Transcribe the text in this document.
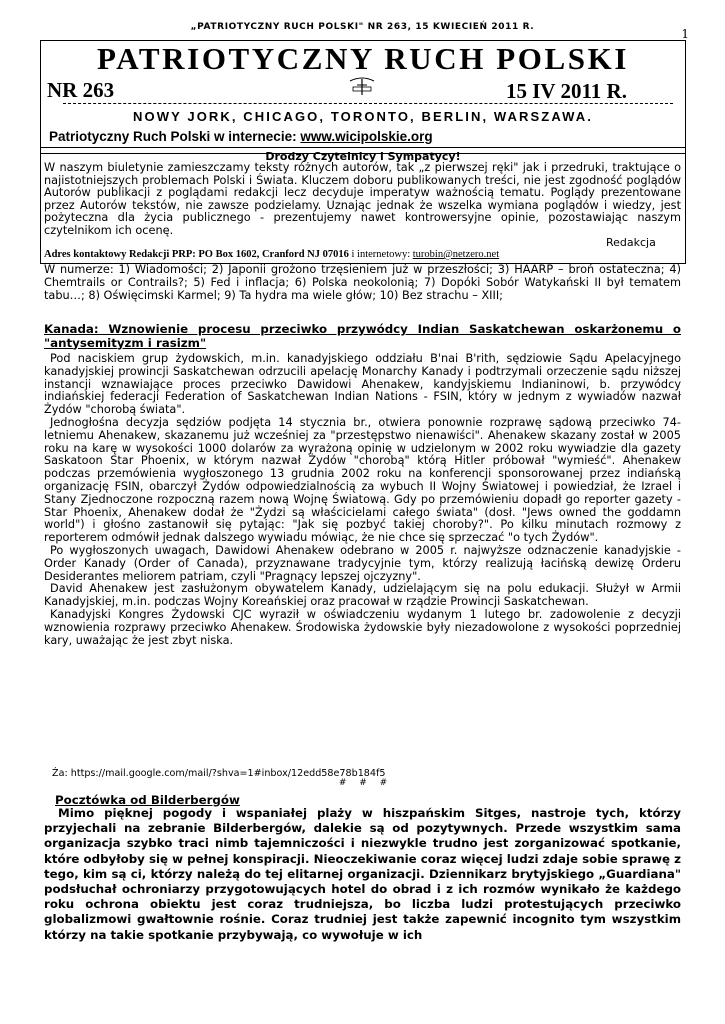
„PATRIOTYCZNY RUCH POLSKI" NR 263, 15 KWIECIEŃ 2011 R.	1
PATRIOTYCZNY RUCH POLSKI
NR 263	15 IV 2011 R.
NOWY JORK, CHICAGO, TORONTO, BERLIN, WARSZAWA.
Patriotyczny Ruch Polski w internecie: www.wicipolskie.org
Drodzy Czytelnicy i Sympatycy!
W naszym biuletynie zamieszczamy teksty różnych autorów, tak „z pierwszej ręki" jak i przedruki, traktujące o najistotniejszych problemach Polski i Świata. Kluczem doboru publikowanych treści, nie jest zgodność poglądów Autorów publikacji z poglądami redakcji lecz decyduje imperatyw ważnością tematu. Poglądy prezentowane przez Autorów tekstów, nie zawsze podzielamy. Uznając jednak że wszelka wymiana poglądów i wiedzy, jest pożyteczna dla życia publicznego - prezentujemy nawet kontrowersyjne opinie, pozostawiając naszym czytelnikom ich ocenę.
Redakcja
Adres kontaktowy Redakcji PRP: PO Box 1602, Cranford NJ 07016 i internetowy: turobin@netzero.net
W numerze: 1) Wiadomości; 2) Japonii grożono trzęsieniem już w przeszłości; 3) HAARP – broń ostateczna; 4) Chemtrails or Contrails?; 5) Fed i inflacja; 6) Polska neokolonią; 7) Dopóki Sobór Watykański II był tematem tabu…; 8) Oświęcimski Karmel; 9) Ta hydra ma wiele głów; 10) Bez strachu – XIII;
Kanada: Wznowienie procesu przeciwko przywódcy Indian Saskatchewan oskarżonemu o "antysemityzm i rasizm"

Pod naciskiem grup żydowskich, m.in. kanadyjskiego oddziału B'nai B'rith, sędziowie Sądu Apelacyjnego kanadyjskiej prowincji Saskatchewan odrzucili apelację Monarchy Kanady i podtrzymali orzeczenie sądu niższej instancji wznawiające proces przeciwko Dawidowi Ahenakew, kandyjskiemu Indianinowi, b. przywódcy indiańskiej federacji Federation of Saskatchewan Indian Nations - FSIN, który w jednym z wywiadów nazwał Żydów "chorobą świata".

Jednogłośna decyzja sędziów podjęta 14 stycznia br., otwiera ponownie rozprawę sądową przeciwko 74-letniemu Ahenakew, skazanemu już wcześniej za "przestępstwo nienawiści". Ahenakew skazany został w 2005 roku na karę w wysokości 1000 dolarów za wyrażoną opinię w udzielonym w 2002 roku wywiadzie dla gazety Saskatoon Star Phoenix, w którym nazwał Żydów "chorobą" którą Hitler próbował "wymieść". Ahenakew podczas przemówienia wygłoszonego 13 grudnia 2002 roku na konferencji sponsorowanej przez indiańską organizację FSIN, obarczył Żydów odpowiedzialnością za wybuch II Wojny Światowej i powiedział, że Izrael i Stany Zjednoczone rozpoczną razem nową Wojnę Światową. Gdy po przemówieniu dopadł go reporter gazety - Star Phoenix, Ahenakew dodał że "Żydzi są właścicielami całego świata" (dosł. "Jews owned the goddamn world") i głośno zastanowił się pytając: "Jak się pozbyć takiej choroby?". Po kilku minutach rozmowy z reporterem odmówił jednak dalszego wywiadu mówiąc, że nie chce się sprzeczać "o tych Żydów".

Po wygłoszonych uwagach, Dawidowi Ahenakew odebrano w 2005 r. najwyższe odznaczenie kanadyjskie - Order Kanady (Order of Canada), przyznawane tradycyjnie tym, którzy realizują łacińską dewizę Orderu Desiderantes meliorem patriam, czyli "Pragnący lepszej ojczyzny".

David Ahenakew jest zasłużonym obywatelem Kanady, udzielającym się na polu edukacji. Służył w Armii Kanadyjskiej, m.in. podczas Wojny Koreańskiej oraz pracował w rządzie Prowincji Saskatchewan.

Kanadyjski Kongres Żydowski CJC wyraził w oświadczeniu wydanym 1 lutego br. zadowolenie z decyzji wznowienia rozprawy przeciwko Ahenakew. Środowiska żydowskie były niezadowolone z wysokości poprzedniej kary, uważając że jest zbyt niska.

Źa: https://mail.google.com/mail/?shva=1#inbox/12edd58e78b184f5
# # #
Pocztówka od Bilderbergów

Mimo pięknej pogody i wspaniałej plaży w hiszpańskim Sitges, nastroje tych, którzy przyjechali na zebranie Bilderbergów, dalekie są od pozytywnych. Przede wszystkim sama organizacja szybko traci nimb tajemniczości i niezwykle trudno jest zorganizować spotkanie, które odbyłoby się w pełnej konspiracji. Nieoczekiwanie coraz więcej ludzi zdaje sobie sprawę z tego, kim są ci, którzy należą do tej elitarnej organizacji. Dziennikarz brytyjskiego „Guardiana" podsłuchał ochroniarzy przygotowujących hotel do obrad i z ich rozmów wynikało że każdego roku ochrona obiektu jest coraz trudniejsza, bo liczba ludzi protestujących przeciwko globalizmowi gwałtownie rośnie. Coraz trudniej jest także zapewnić incognito tym wszystkim którzy na takie spotkanie przybywają, co wywołuje w ich
